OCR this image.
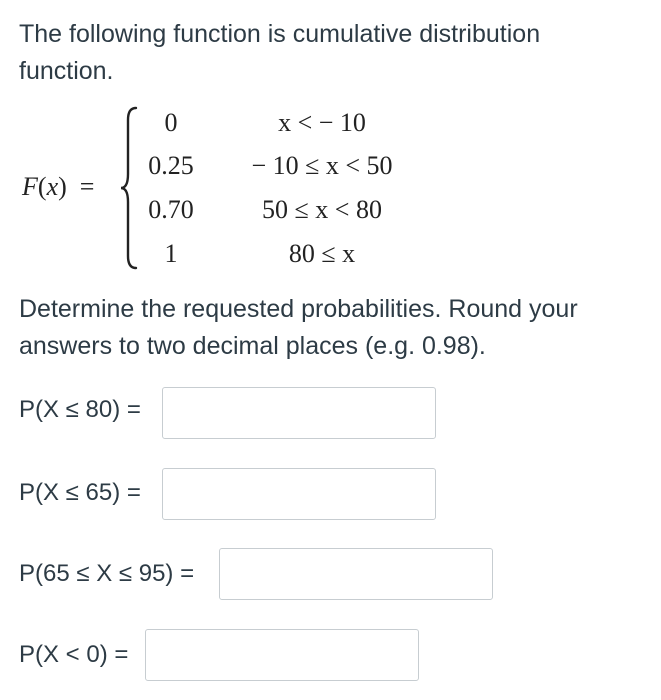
The following function is cumulative distribution function.

F(x)  =
0	x < − 10
0.25	− 10 ≤ x < 50
0.70	50 ≤ x < 80
1	80 ≤ x

Determine the requested probabilities. Round your answers to two decimal places (e.g. 0.98).

P(X ≤ 80) =
P(X ≤ 65) =
P(65 ≤ X ≤ 95) =
P(X < 0) =
